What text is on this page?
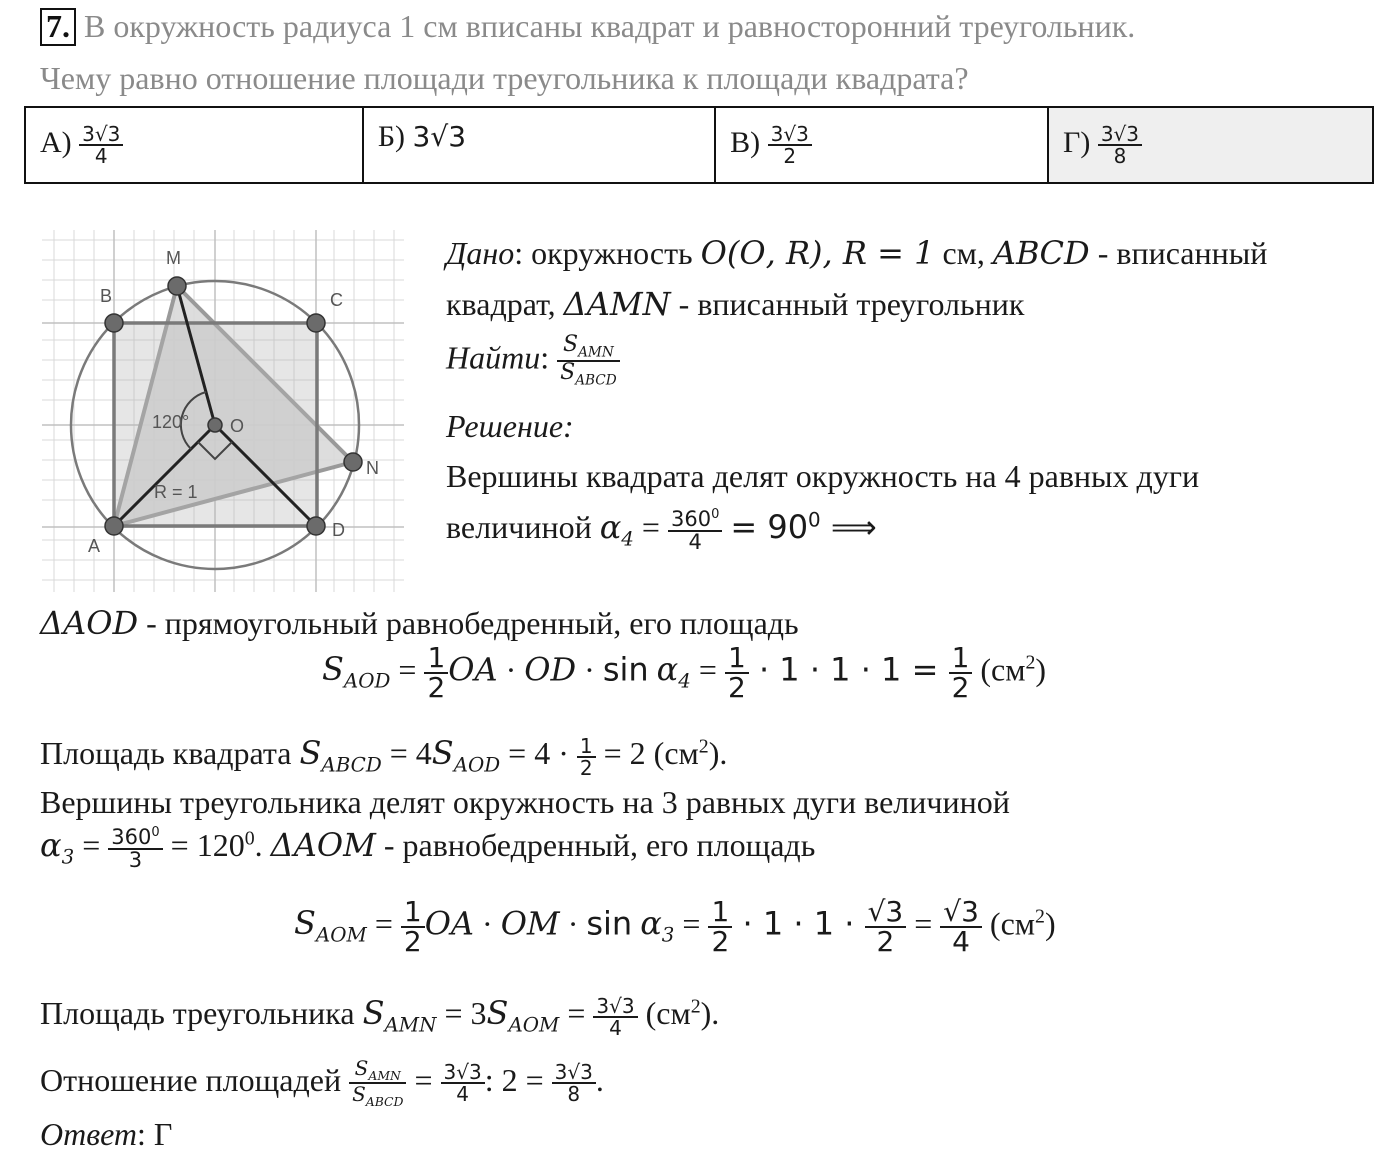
7. В окружность радиуса 1 см вписаны квадрат и равносторонний треугольник.
Чему равно отношение площади треугольника к площади квадрата?
$А) \frac{3√3}{4}$	Б) 3√3	$В) \frac{3√3}{2}$	$Г) \frac{3√3}{8}$
M
B	C
O
N
A
D
120°
R = 1
Дано: окружность 𝑂(𝑂, 𝑅), 𝑅 = 1 см, 𝐴𝐵𝐶𝐷 - вписанный
квадрат, Δ𝐴𝑀𝑁 - вписанный треугольник
Найти: $\frac{S_{AMN}}{S_{ABCD}}$
Решение:
Вершины квадрата делят окружность на 4 равных дуги
величиной $\alpha_4 = \frac{360^0}{4} = 90^0$ ⟹
Δ𝐴𝑂𝐷 - прямоугольный равнобедренный, его площадь
$S_{AOD} = \frac{1}{2}$ OA · OD · $\sin \alpha_4 = \frac{1}{2} \cdot 1 \cdot 1 \cdot 1 = \frac{1}{2} (см^2)$
Площадь квадрата $S_{ABCD} = 4S_{AOD} = 4 \cdot \frac{1}{2} = 2$ $(см^2)$.
Вершины треугольника делят окружность на 3 равных дуги величиной
$\alpha_3 = \frac{360^0}{3} = 120^0$. Δ𝐴𝑂𝑀 - равнобедренный, его площадь
$S_{AOM} = \frac{1}{2}$ OA · OM · $\sin \alpha_3 = \frac{1}{2} \cdot 1 \cdot 1 \cdot \frac{√3}{2} = \frac{√3}{4} (см^2)$
Площадь треугольника $S_{AMN} = 3S_{AOM} = \frac{3√3}{4} (см^2)$.
Отношение площадей $\frac{S_{AMN}}{S_{ABCD}} = \frac{3√3}{4}$ : $2 = \frac{3√3}{8}$ .
Ответ: Г
